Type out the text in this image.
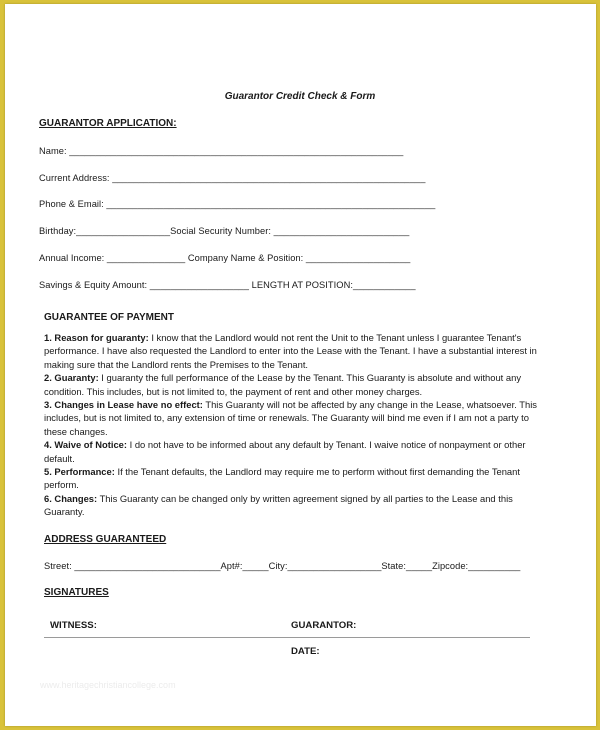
Guarantor Credit Check & Form
GUARANTOR APPLICATION:
Name: ________________________________________________________________
Current Address: ____________________________________________________________
Phone & Email: _______________________________________________________________
Birthday:__________________Social Security Number: __________________________
Annual Income: _______________ Company Name & Position: ____________________
Savings & Equity Amount: ___________________ LENGTH AT POSITION:____________
GUARANTEE OF PAYMENT
1. Reason for guaranty: I know that the Landlord would not rent the Unit to the Tenant unless I guarantee Tenant's performance. I have also requested the Landlord to enter into the Lease with the Tenant. I have a substantial interest in making sure that the Landlord rents the Premises to the Tenant.
2. Guaranty: I guaranty the full performance of the Lease by the Tenant. This Guaranty is absolute and without any condition. This includes, but is not limited to, the payment of rent and other money charges.
3. Changes in Lease have no effect: This Guaranty will not be affected by any change in the Lease, whatsoever. This includes, but is not limited to, any extension of time or renewals. The Guaranty will bind me even if I am not a party to these changes.
4. Waive of Notice: I do not have to be informed about any default by Tenant. I waive notice of nonpayment or other default.
5. Performance: If the Tenant defaults, the Landlord may require me to perform without first demanding the Tenant perform.
6. Changes: This Guaranty can be changed only by written agreement signed by all parties to the Lease and this Guaranty.
ADDRESS GUARANTEED
Street: ____________________________Apt#:_____City:__________________State:_____Zipcode:__________
SIGNATURES
WITNESS:	GUARANTOR:
DATE:
www.heritagechristiancollege.com
